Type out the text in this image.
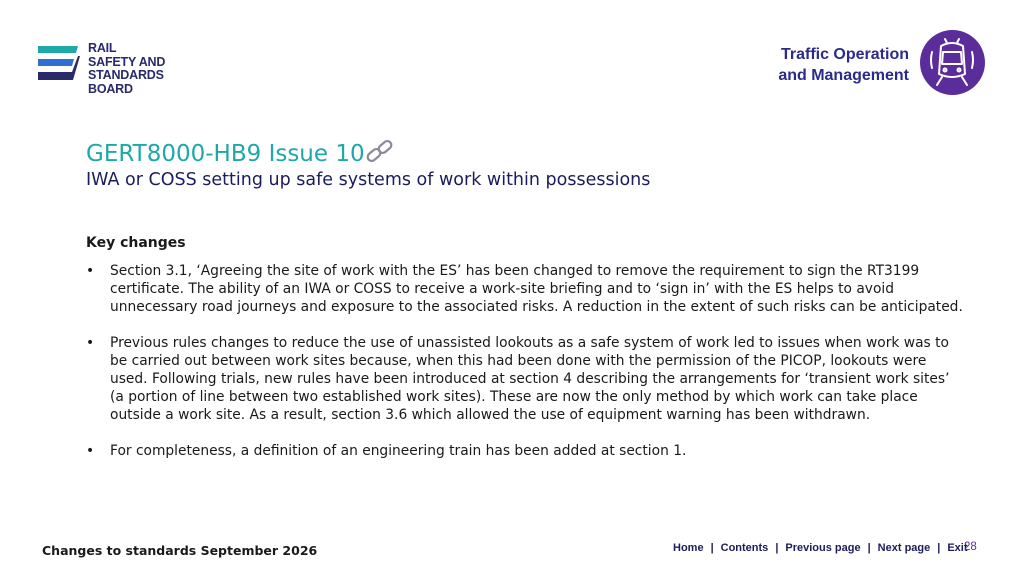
RAIL
SAFETY AND
STANDARDS
BOARD
Traffic Operation
and Management
GERT8000-HB9 Issue 10
IWA or COSS setting up safe systems of work within possessions
Key changes
• Section 3.1, ‘Agreeing the site of work with the ES’ has been changed to remove the requirement to sign the RT3199 certificate. The ability of an IWA or COSS to receive a work-site briefing and to ‘sign in’ with the ES helps to avoid unnecessary road journeys and exposure to the associated risks. A reduction in the extent of such risks can be anticipated.
• Previous rules changes to reduce the use of unassisted lookouts as a safe system of work led to issues when work was to be carried out between work sites because, when this had been done with the permission of the PICOP, lookouts were used. Following trials, new rules have been introduced at section 4 describing the arrangements for ‘transient work sites’ (a portion of line between two established work sites). These are now the only method by which work can take place outside a work site. As a result, section 3.6 which allowed the use of equipment warning has been withdrawn.
• For completeness, a definition of an engineering train has been added at section 1.
Changes to standards September 2026	Home | Contents | Previous page | Next page | Exit
28
